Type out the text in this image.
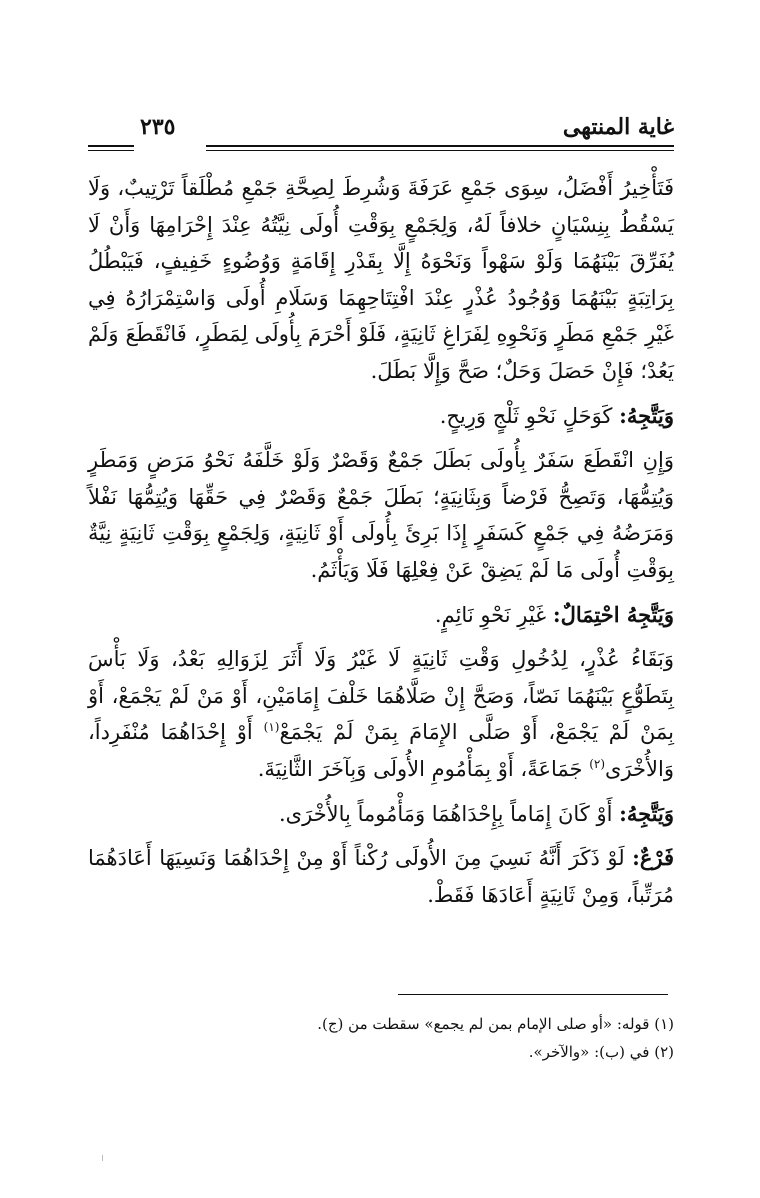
غاية المنتهى
٢٣٥

فَتَأْخِيرُ أَفْضَلُ، سِوَى جَمْعِ عَرَفَةَ وَشُرِطَ لِصِحَّةِ جَمْعِ مُطْلَقاً تَرْتِيبٌ، وَلَا يَسْقُطُ بِنِسْيَانٍ خلافاً لَهُ، وَلِجَمْعٍ بِوَقْتِ أُولَى نِيَّتُهُ عِنْدَ إِحْرَامِهَا وَأَنْ لَا يُفَرِّقَ بَيْنَهُمَا وَلَوْ سَهْواً وَنَحْوَهُ إِلَّا بِقَدْرِ إِقَامَةٍ وَوُضُوءٍ خَفِيفٍ، فَيَبْطُلُ بِرَاتِبَةٍ بَيْنَهُمَا وَوُجُودُ عُذْرٍ عِنْدَ افْتِتَاحِهِمَا وَسَلَامِ أُولَى وَاسْتِمْرَارُهُ فِي غَيْرِ جَمْعِ مَطَرٍ وَنَحْوِهِ لِفَرَاغِ ثَانِيَةٍ، فَلَوْ أَحْرَمَ بِأُولَى لِمَطَرٍ، فَانْقَطَعَ وَلَمْ يَعُدْ؛ فَإِنْ حَصَلَ وَحَلٌ؛ صَحَّ وَإِلَّا بَطَلَ.

وَيَتَّجِهُ: كَوَحَلٍ نَحْوِ ثَلْجٍ وَرِيحٍ.

وَإِنِ انْقَطَعَ سَفَرٌ بِأُولَى بَطَلَ جَمْعٌ وَقَصْرٌ وَلَوْ خَلَّفَهُ نَحْوُ مَرَضٍ وَمَطَرٍ وَيُتِمُّهَا، وَتَصِحُّ فَرْضاً وَبِثَانِيَةٍ؛ بَطَلَ جَمْعٌ وَقَصْرٌ فِي حَقِّهَا وَيُتِمُّهَا نَفْلاً وَمَرَضُهُ فِي جَمْعٍ كَسَفَرٍ إِذَا بَرِئَ بِأُولَى أَوْ ثَانِيَةٍ، وَلِجَمْعٍ بِوَقْتِ ثَانِيَةٍ نِيَّةٌ بِوَقْتِ أُولَى مَا لَمْ يَضِقْ عَنْ فِعْلِهَا فَلَا وَيَأْثَمُ.

وَيَتَّجِهُ احْتِمَالٌ: غَيْرِ نَحْوِ نَائِمٍ.

وَبَقَاءُ عُذْرٍ، لِدُخُولِ وَقْتِ ثَانِيَةٍ لَا غَيْرُ وَلَا أَثَرَ لِزَوَالِهِ بَعْدُ، وَلَا بَأْسَ بِتَطَوُّعٍ بَيْنَهُمَا نَصّاً، وَصَحَّ إِنْ صَلَّاهُمَا خَلْفَ إِمَامَيْنِ، أَوْ مَنْ لَمْ يَجْمَعْ، أَوْ بِمَنْ لَمْ يَجْمَعْ، أَوْ صَلَّى الإِمَامَ بِمَنْ لَمْ يَجْمَعْ$^{(١)}$ أَوْ إِحْدَاهُمَا مُنْفَرِداً، وَالأُخْرَى$^{(٢)}$ جَمَاعَةً، أَوْ بِمَأْمُومِ الأُولَى وَبِآخَرَ الثَّانِيَةَ.

وَيَتَّجِهُ: أَوْ كَانَ إِمَاماً بِإِحْدَاهُمَا وَمَأْمُوماً بِالأُخْرَى.

فَرْعٌ: لَوْ ذَكَرَ أَنَّهُ نَسِيَ مِنَ الأُولَى رُكْناً أَوْ مِنْ إِحْدَاهُمَا وَنَسِيَهَا أَعَادَهُمَا مُرَتِّباً، وَمِنْ ثَانِيَةٍ أَعَادَهَا فَقَطْ.

(١) قوله: «أو صلى الإمام بمن لم يجمع» سقطت من (ج).

(٢) في (ب): «والآخر».
